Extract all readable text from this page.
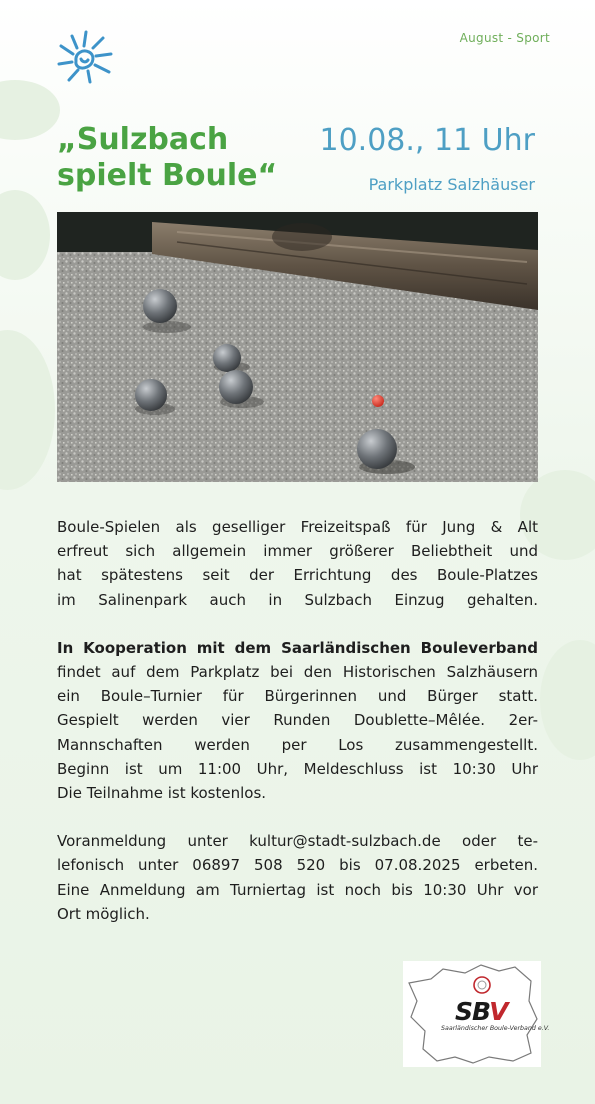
August - Sport
„Sulzbach
spielt Boule“
10.08., 11 Uhr
Parkplatz Salzhäuser

Boule-Spielen als geselliger Freizeitspaß für Jung & Alt
erfreut sich allgemein immer größerer Beliebtheit und
hat spätestens seit der Errichtung des Boule-Platzes
im Salinenpark auch in Sulzbach Einzug gehalten.

In Kooperation mit dem Saarländischen Bouleverband
findet auf dem Parkplatz bei den Historischen Salzhäusern
ein Boule–Turnier für Bürgerinnen und Bürger statt.
Gespielt werden vier Runden Doublette–Mêlée. 2er-
Mannschaften werden per Los zusammengestellt.
Beginn ist um 11:00 Uhr, Meldeschluss ist 10:30 Uhr
Die Teilnahme ist kostenlos.

Voranmeldung unter kultur@stadt-sulzbach.de oder te-
lefonisch unter 06897 508 520 bis 07.08.2025 erbeten.
Eine Anmeldung am Turniertag ist noch bis 10:30 Uhr vor
Ort möglich.

SBV
Saarländischer Boule-Verband e.V.
